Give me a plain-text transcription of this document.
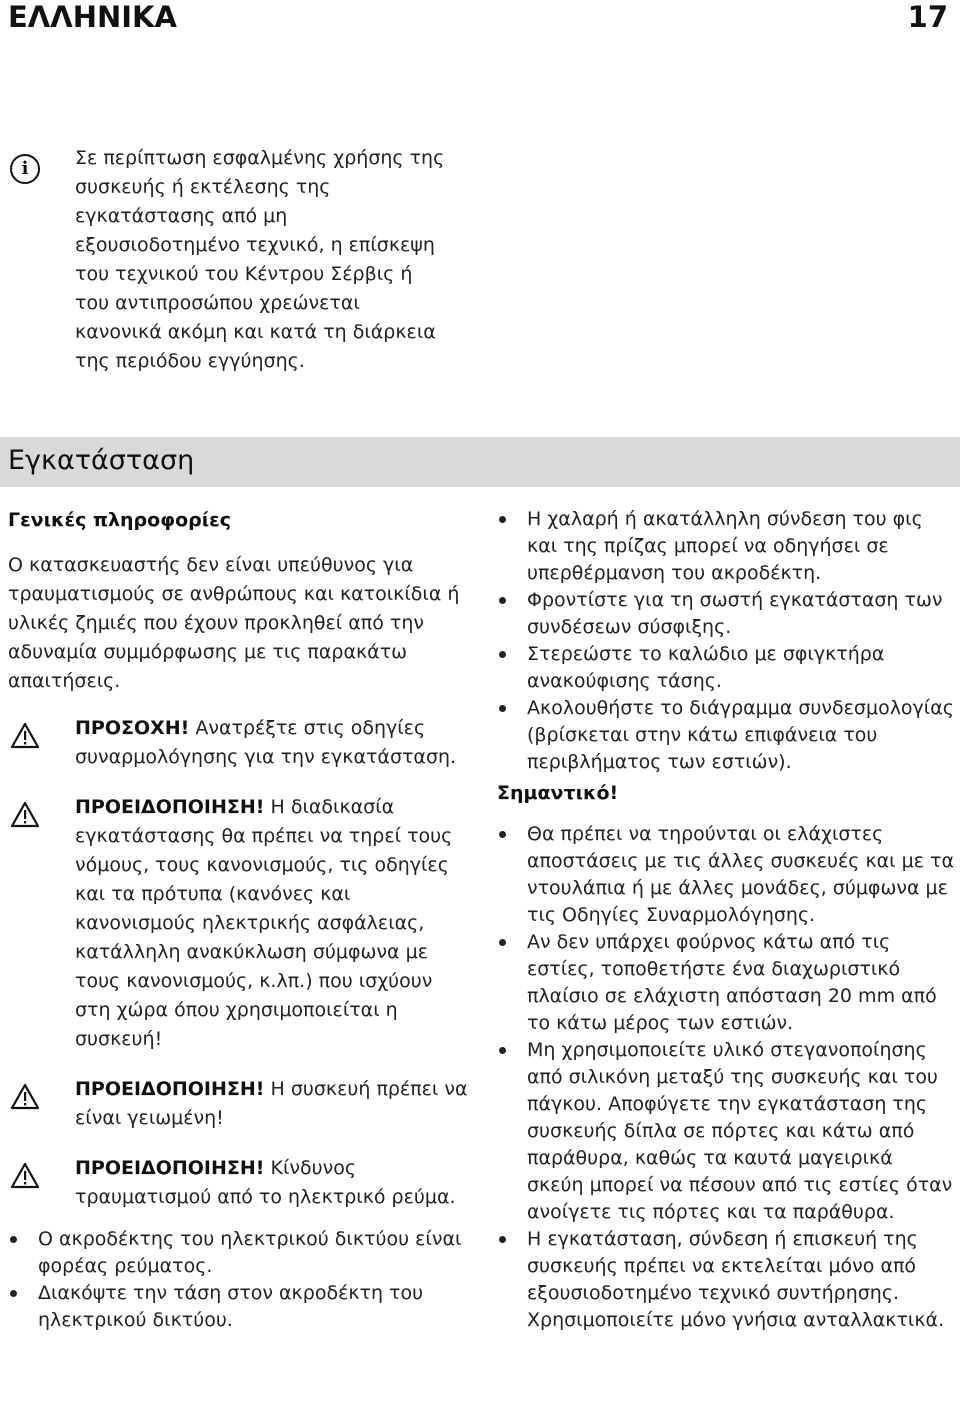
ΕΛΛΗΝΙΚΑ	17
i	Σε περίπτωση εσφαλμένης χρήσης της συσκευής ή εκτέλεσης της εγκατάστασης από μη εξουσιοδοτημένο τεχνικό, η επίσκεψη του τεχνικού του Κέντρου Σέρβις ή του αντιπροσώπου χρεώνεται κανονικά ακόμη και κατά τη διάρκεια της περιόδου εγγύησης.
Εγκατάσταση
Γενικές πληροφορίες
Ο κατασκευαστής δεν είναι υπεύθυνος για τραυματισμούς σε ανθρώπους και κατοικίδια ή υλικές ζημιές που έχουν προκληθεί από την αδυναμία συμμόρφωσης με τις παρακάτω απαιτήσεις.
ΠΡΟΣΟΧΗ! Ανατρέξτε στις οδηγίες συναρμολόγησης για την εγκατάσταση.
ΠΡΟΕΙΔΟΠΟΙΗΣΗ! Η διαδικασία εγκατάστασης θα πρέπει να τηρεί τους νόμους, τους κανονισμούς, τις οδηγίες και τα πρότυπα (κανόνες και κανονισμούς ηλεκτρικής ασφάλειας, κατάλληλη ανακύκλωση σύμφωνα με τους κανονισμούς, κ.λπ.) που ισχύουν στη χώρα όπου χρησιμοποιείται η συσκευή!
ΠΡΟΕΙΔΟΠΟΙΗΣΗ! Η συσκευή πρέπει να είναι γειωμένη!
ΠΡΟΕΙΔΟΠΟΙΗΣΗ! Κίνδυνος τραυματισμού από το ηλεκτρικό ρεύμα.
Ο ακροδέκτης του ηλεκτρικού δικτύου είναι φορέας ρεύματος.
Διακόψτε την τάση στον ακροδέκτη του ηλεκτρικού δικτύου.
Η χαλαρή ή ακατάλληλη σύνδεση του φις και της πρίζας μπορεί να οδηγήσει σε υπερθέρμανση του ακροδέκτη.
Φροντίστε για τη σωστή εγκατάσταση των συνδέσεων σύσφιξης.
Στερεώστε το καλώδιο με σφιγκτήρα ανακούφισης τάσης.
Ακολουθήστε το διάγραμμα συνδεσμολογίας (βρίσκεται στην κάτω επιφάνεια του περιβλήματος των εστιών).
Σημαντικό!
Θα πρέπει να τηρούνται οι ελάχιστες αποστάσεις με τις άλλες συσκευές και με τα ντουλάπια ή με άλλες μονάδες, σύμφωνα με τις Οδηγίες Συναρμολόγησης.
Αν δεν υπάρχει φούρνος κάτω από τις εστίες, τοποθετήστε ένα διαχωριστικό πλαίσιο σε ελάχιστη απόσταση 20 mm από το κάτω μέρος των εστιών.
Μη χρησιμοποιείτε υλικό στεγανοποίησης από σιλικόνη μεταξύ της συσκευής και του πάγκου. Αποφύγετε την εγκατάσταση της συσκευής δίπλα σε πόρτες και κάτω από παράθυρα, καθώς τα καυτά μαγειρικά σκεύη μπορεί να πέσουν από τις εστίες όταν ανοίγετε τις πόρτες και τα παράθυρα.
Η εγκατάσταση, σύνδεση ή επισκευή της συσκευής πρέπει να εκτελείται μόνο από εξουσιοδοτημένο τεχνικό συντήρησης. Χρησιμοποιείτε μόνο γνήσια ανταλλακτικά.
